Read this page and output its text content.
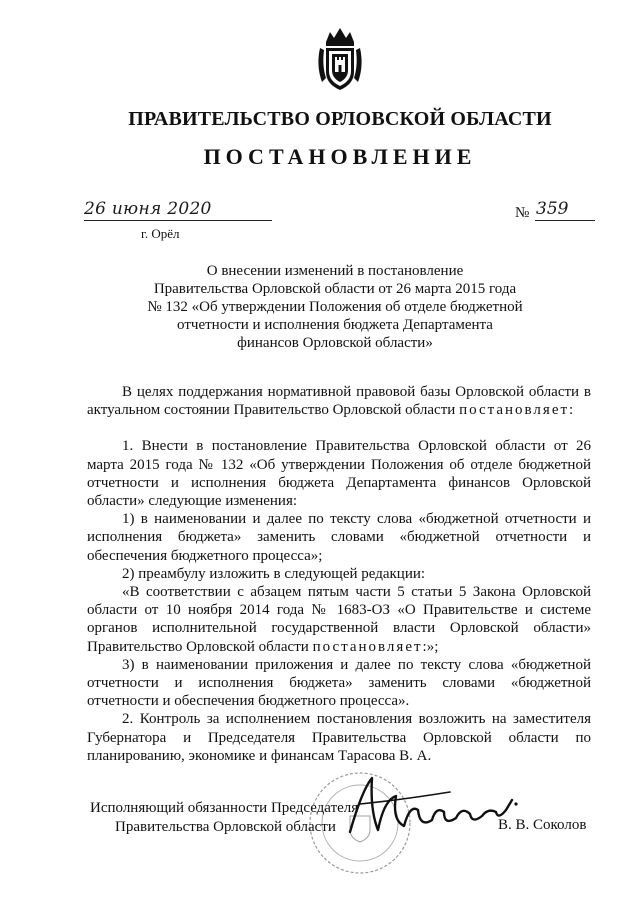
ПРАВИТЕЛЬСТВО ОРЛОВСКОЙ ОБЛАСТИ
ПОСТАНОВЛЕНИЕ
26 июня 2020	№ 359
г. Орёл
О внесении изменений в постановление
Правительства Орловской области от 26 марта 2015 года
№ 132 «Об утверждении Положения об отделе бюджетной
отчетности и исполнения бюджета Департамента
финансов Орловской области»

В целях поддержания нормативной правовой базы Орловской области в актуальном состоянии Правительство Орловской области постановляет:

1. Внести в постановление Правительства Орловской области от 26 марта 2015 года № 132 «Об утверждении Положения об отделе бюджетной отчетности и исполнения бюджета Департамента финансов Орловской области» следующие изменения:

1) в наименовании и далее по тексту слова «бюджетной отчетности и исполнения бюджета» заменить словами «бюджетной отчетности и обеспечения бюджетного процесса»;

2) преамбулу изложить в следующей редакции:

«В соответствии с абзацем пятым части 5 статьи 5 Закона Орловской области от 10 ноября 2014 года № 1683-ОЗ «О Правительстве и системе органов исполнительной государственной власти Орловской области» Правительство Орловской области постановляет:»;

3) в наименовании приложения и далее по тексту слова «бюджетной отчетности и исполнения бюджета» заменить словами «бюджетной отчетности и обеспечения бюджетного процесса».

2. Контроль за исполнением постановления возложить на заместителя Губернатора и Председателя Правительства Орловской области по планированию, экономике и финансам Тарасова В. А.

Исполняющий обязанности Председателя
Правительства Орловской области	В. В. Соколов
